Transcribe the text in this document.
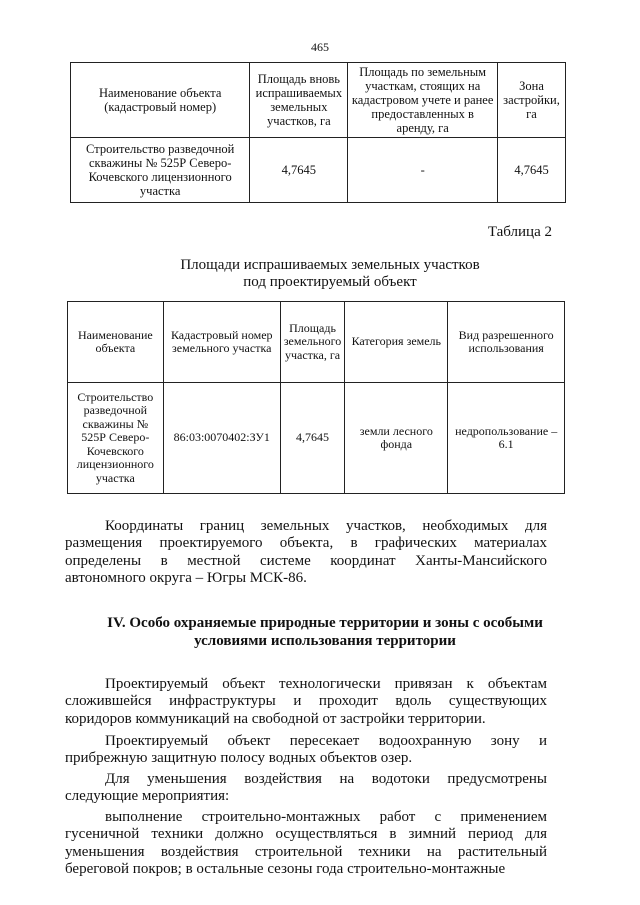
465
Наименование объекта (кадастровый номер)	Площадь вновь испрашиваемых земельных участков, га	Площадь по земельным участкам, стоящих на кадастровом учете и ранее предоставленных в аренду, га	Зона застройки, га
Строительство разведочной скважины № 525Р Северо-Кочевского лицензионного участка	4,7645	-	4,7645
Таблица 2
Площади испрашиваемых земельных участков
под проектируемый объект
Наименование объекта	Кадастровый номер земельного участка	Площадь земельного участка, га	Категория земель	Вид разрешенного использования
Строительство разведочной скважины № 525Р Северо-Кочевского лицензионного участка	86:03:0070402:ЗУ1	4,7645	земли лесного фонда	недропользование – 6.1

Координаты границ земельных участков, необходимых для размещения проектируемого объекта, в графических материалах определены в местной системе координат Ханты-Мансийского автономного округа – Югры МСК-86.

IV. Особо охраняемые природные территории и зоны с особыми условиями использования территории

Проектируемый объект технологически привязан к объектам сложившейся инфраструктуры и проходит вдоль существующих коридоров коммуникаций на свободной от застройки территории.

Проектируемый объект пересекает водоохранную зону и прибрежную защитную полосу водных объектов озер.

Для уменьшения воздействия на водотоки предусмотрены следующие мероприятия:

выполнение строительно-монтажных работ с применением гусеничной техники должно осуществляться в зимний период для уменьшения воздействия строительной техники на растительный береговой покров; в остальные сезоны года строительно-монтажные
